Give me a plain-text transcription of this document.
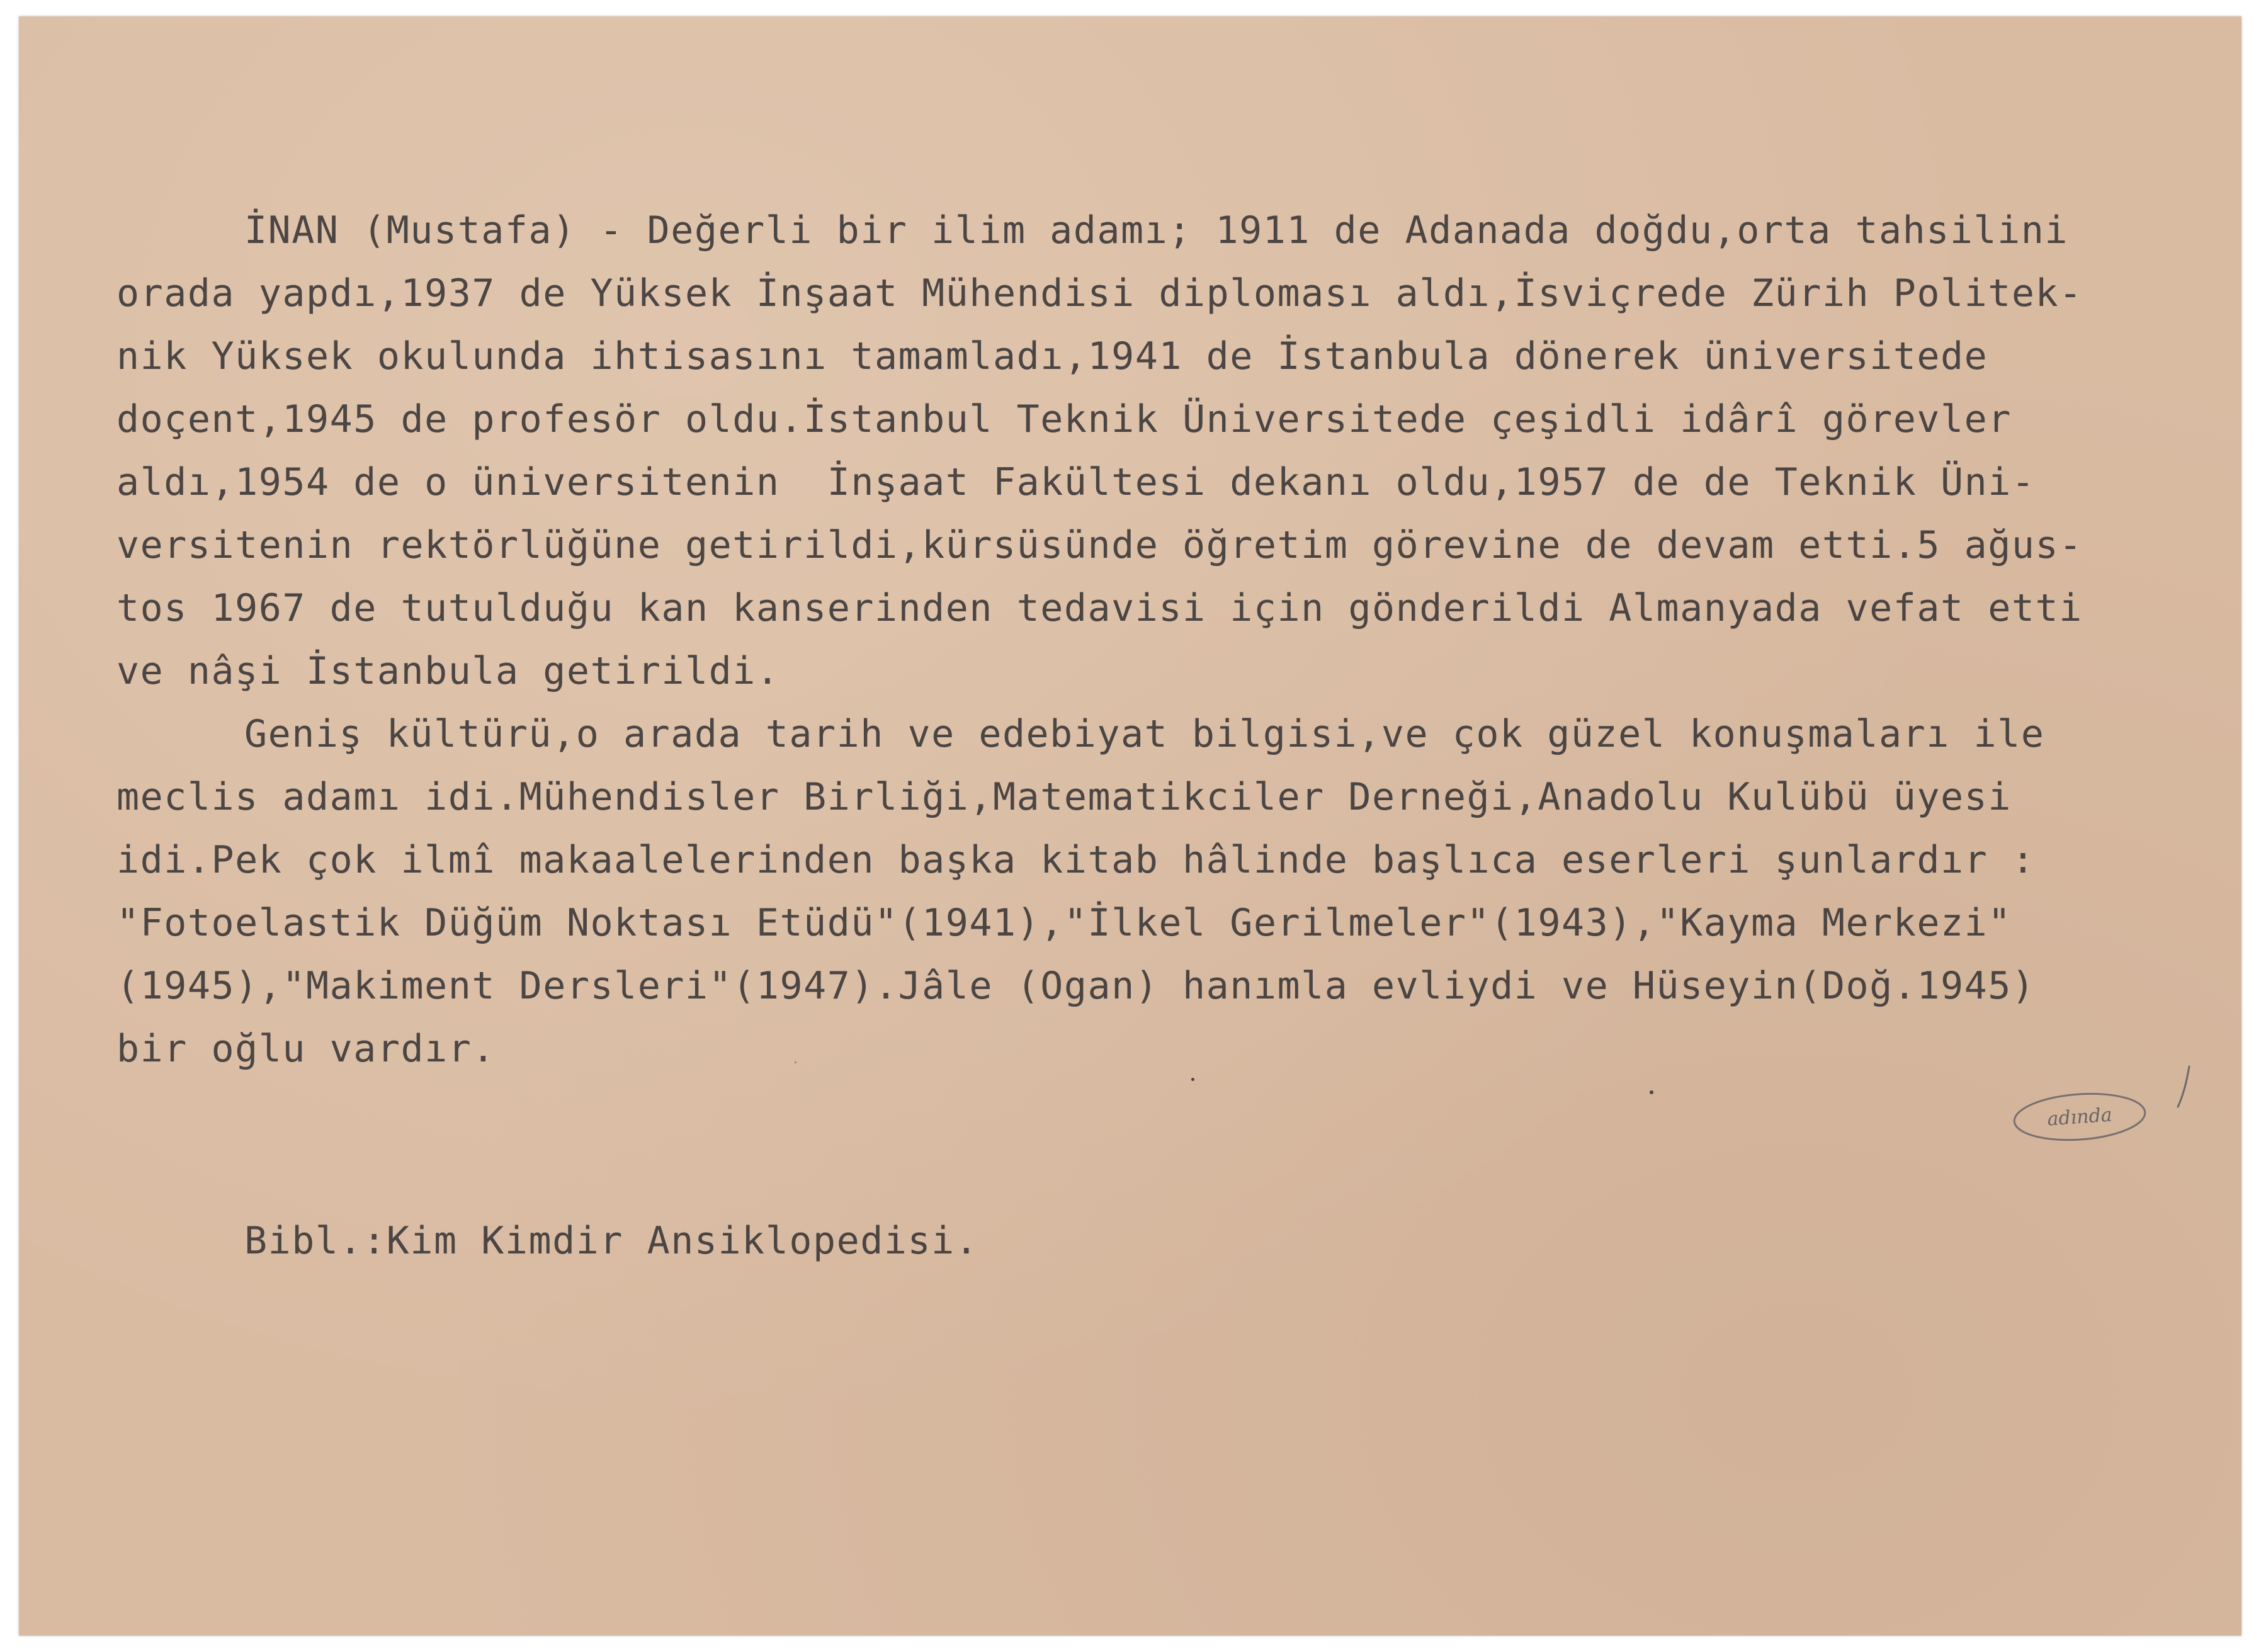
İNAN (Mustafa) - Değerli bir ilim adamı; 1911 de Adanada doğdu,orta tahsilini
orada yapdı,1937 de Yüksek İnşaat Mühendisi diploması aldı,İsviçrede Zürih Politek-
nik Yüksek okulunda ihtisasını tamamladı,1941 de İstanbula dönerek üniversitede
doçent,1945 de profesör oldu.İstanbul Teknik Üniversitede çeşidli idârî görevler
aldı,1954 de o üniversitenin  İnşaat Fakültesi dekanı oldu,1957 de de Teknik Üni-
versitenin rektörlüğüne getirildi,kürsüsünde öğretim görevine de devam etti.5 ağus-
tos 1967 de tutulduğu kan kanserinden tedavisi için gönderildi Almanyada vefat etti
ve nâşi İstanbula getirildi.
Geniş kültürü,o arada tarih ve edebiyat bilgisi,ve çok güzel konuşmaları ile
meclis adamı idi.Mühendisler Birliği,Matematikciler Derneği,Anadolu Kulübü üyesi
idi.Pek çok ilmî makaalelerinden başka kitab hâlinde başlıca eserleri şunlardır :
"Fotoelastik Düğüm Noktası Etüdü"(1941),"İlkel Gerilmeler"(1943),"Kayma Merkezi"
(1945),"Makiment Dersleri"(1947).Jâle (Ogan) hanımla evliydi ve Hüseyin(Doğ.1945)
bir oğlu vardır.
Bibl.:Kim Kimdir Ansiklopedisi.
adında
